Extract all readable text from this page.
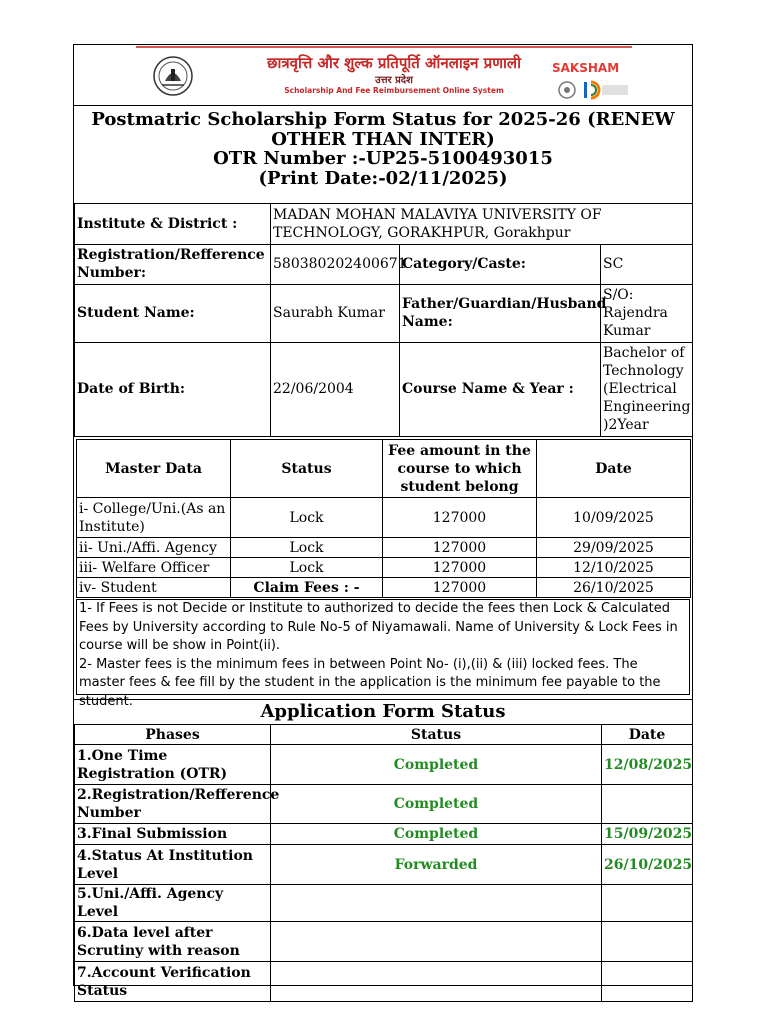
छात्रवृत्ति और शुल्क प्रतिपूर्ति ऑनलाइन प्रणाली
उत्तर प्रदेश
Scholarship And Fee Reimbursement Online System
SAKSHAM
Postmatric Scholarship Form Status for 2025-26 (RENEW OTHER THAN INTER)
OTR Number :-UP25-5100493015
(Print Date:-02/11/2025)
Institute & District :	MADAN MOHAN MALAVIYA UNIVERSITY OF TECHNOLOGY, GORAKHPUR, Gorakhpur		
Registration/Refference Number:	580380202400671	Category/Caste:	SC
Student Name:	Saurabh Kumar	Father/Guardian/Husband Name:	S/O: Rajendra Kumar
Date of Birth:	22/06/2004	Course Name & Year :	Bachelor of Technology (Electrical Engineering )2Year
Master Data	Status	Fee amount in the course to which student belong	Date
i- College/Uni.(As an Institute)	Lock	127000	10/09/2025
ii- Uni./Affi. Agency	Lock	127000	29/09/2025
iii- Welfare Officer	Lock	127000	12/10/2025
iv- Student	Claim Fees : -	127000	26/10/2025
1- If Fees is not Decide or Institute to authorized to decide the fees then Lock & Calculated Fees by University according to Rule No-5 of Niyamawali. Name of University & Lock Fees in course will be show in Point(ii).
2- Master fees is the minimum fees in between Point No- (i),(ii) & (iii) locked fees. The master fees & fee fill by the student in the application is the minimum fee payable to the student.	Application Form Status
Phases	Status	Date
1.One Time Registration (OTR)	Completed	12/08/2025
2.Registration/Refference Number	Completed	
3.Final Submission	Completed	15/09/2025
4.Status At Institution Level	Forwarded	26/10/2025
5.Uni./Affi. Agency Level		
6.Data level after Scrutiny with reason		
7.Account Verification Status		
